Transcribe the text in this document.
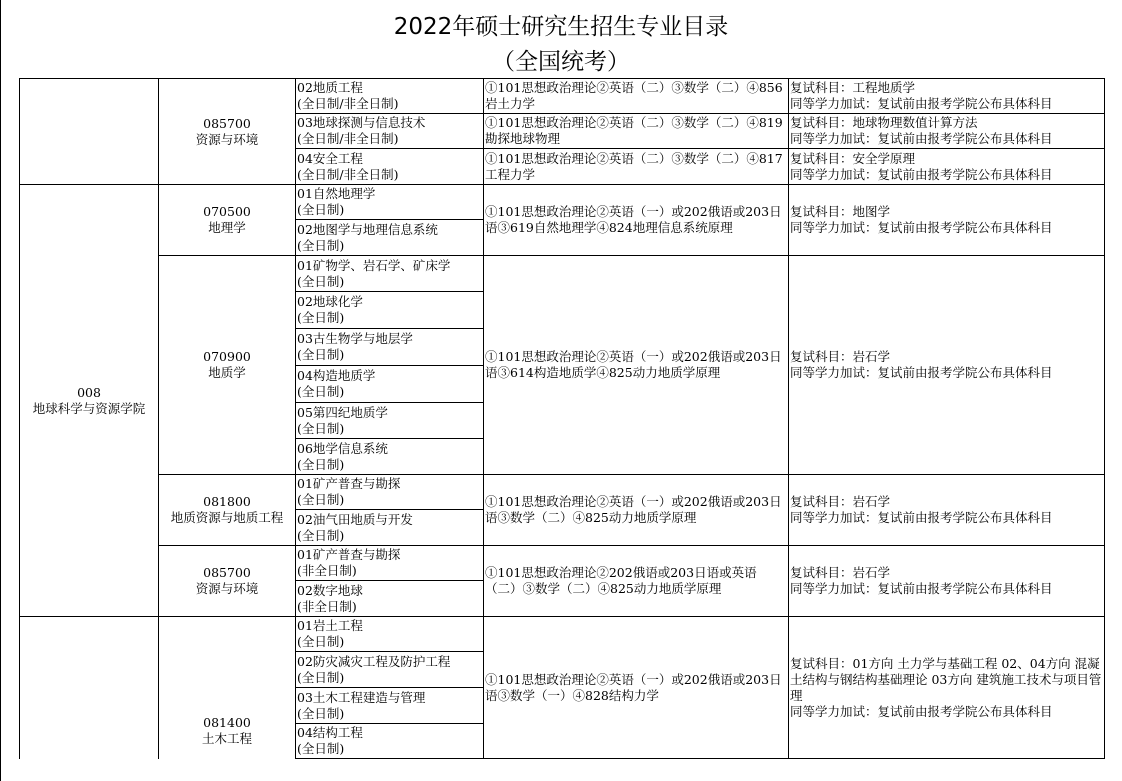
2022年硕士研究生招生专业目录
（全国统考）

	085700
资源与环境	02地质工程
(全日制/非全日制)	①101思想政治理论②英语（二）③数学（二）④856岩土力学	复试科目：工程地质学
同等学力加试：复试前由报考学院公布具体科目

		03地球探测与信息技术
(全日制/非全日制)	①101思想政治理论②英语（二）③数学（二）④819勘探地球物理	复试科目：地球物理数值计算方法
同等学力加试：复试前由报考学院公布具体科目

		04安全工程
(全日制/非全日制)	①101思想政治理论②英语（二）③数学（二）④817工程力学	复试科目：安全学原理
同等学力加试：复试前由报考学院公布具体科目

008
地球科学与资源学院	070500
地理学	01自然地理学
(全日制)	①101思想政治理论②英语（一）或202俄语或203日语③619自然地理学④824地理信息系统原理	复试科目：地图学
同等学力加试：复试前由报考学院公布具体科目

		02地图学与地理信息系统
(全日制)		

	070900
地质学	01矿物学、岩石学、矿床学
(全日制)	①101思想政治理论②英语（一）或202俄语或203日语③614构造地质学④825动力地质学原理	复试科目：岩石学
同等学力加试：复试前由报考学院公布具体科目

		02地球化学
(全日制)		

		03古生物学与地层学
(全日制)		

		04构造地质学
(全日制)		

		05第四纪地质学
(全日制)		

		06地学信息系统
(全日制)		

	081800
地质资源与地质工程	01矿产普查与勘探
(全日制)	①101思想政治理论②英语（一）或202俄语或203日语③数学（二）④825动力地质学原理	复试科目：岩石学
同等学力加试：复试前由报考学院公布具体科目

		02油气田地质与开发
(全日制)		

	085700
资源与环境	01矿产普查与勘探
(非全日制)	①101思想政治理论②202俄语或203日语或英语（二）③数学（二）④825动力地质学原理	复试科目：岩石学
同等学力加试：复试前由报考学院公布具体科目

		02数字地球
(非全日制)		

	081400
土木工程	01岩土工程
(全日制)	①101思想政治理论②英语（一）或202俄语或203日语③数学（一）④828结构力学	复试科目：01方向 土力学与基础工程 02、04方向 混凝土结构与钢结构基础理论 03方向 建筑施工技术与项目管理
同等学力加试：复试前由报考学院公布具体科目

		02防灾减灾工程及防护工程
(全日制)		

		03土木工程建造与管理
(全日制)		

		04结构工程
(全日制)		
